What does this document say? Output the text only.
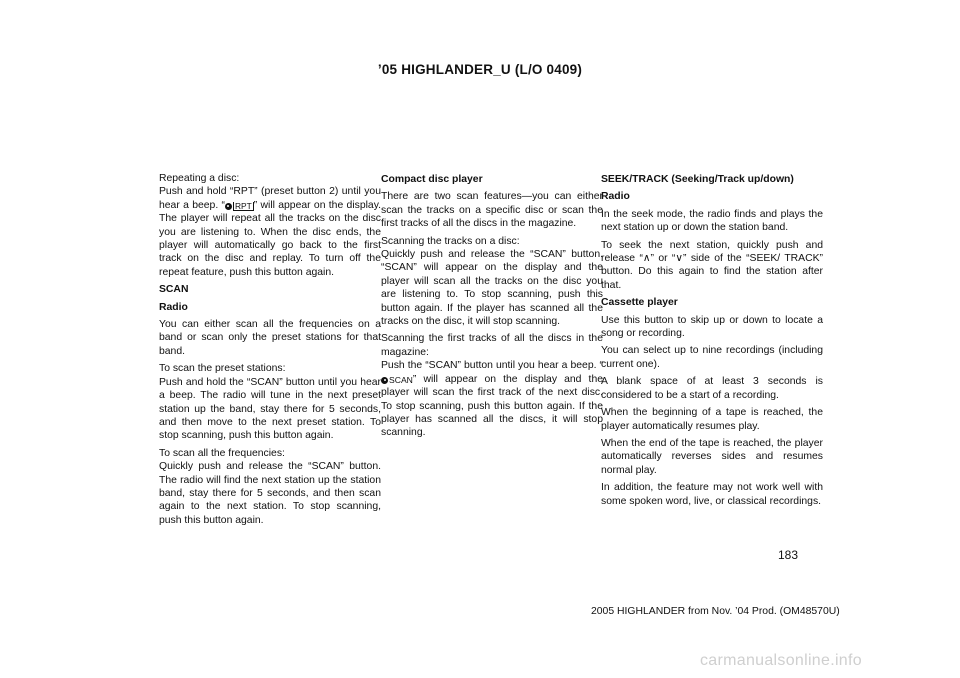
’05 HIGHLANDER_U (L/O 0409)

Repeating a disc:
Push and hold “RPT” (preset button 2) until you hear a beep. “ RPT ” will appear on the display. The player will repeat all the tracks on the disc you are listening to. When the disc ends, the player will automatically go back to the first track on the disc and replay. To turn off the repeat feature, push this button again.

SCAN

Radio

You can either scan all the frequencies on a band or scan only the preset stations for that band.

To scan the preset stations:
Push and hold the “SCAN” button until you hear a beep. The radio will tune in the next preset station up the band, stay there for 5 seconds, and then move to the next preset station. To stop scanning, push this button again.

To scan all the frequencies:
Quickly push and release the “SCAN” button. The radio will find the next station up the station band, stay there for 5 seconds, and then scan again to the next station. To stop scanning, push this button again.

Compact disc player

There are two scan features—you can either scan the tracks on a specific disc or scan the first tracks of all the discs in the magazine.

Scanning the tracks on a disc:
Quickly push and release the “SCAN” button. “SCAN” will appear on the display and the player will scan all the tracks on the disc you are listening to. To stop scanning, push this button again. If the player has scanned all the tracks on the disc, it will stop scanning.

Scanning the first tracks of all the discs in the magazine:
Push the “SCAN” button until you hear a beep. “SCAN” will appear on the display and the player will scan the first track of the next disc. To stop scanning, push this button again. If the player has scanned all the discs, it will stop scanning.

SEEK/TRACK (Seeking/Track up/down)

Radio

In the seek mode, the radio finds and plays the next station up or down the station band.

To seek the next station, quickly push and release “∧” or “∨” side of the “SEEK/ TRACK” button. Do this again to find the station after that.

Cassette player

Use this button to skip up or down to locate a song or recording.

You can select up to nine recordings (including current one).

A blank space of at least 3 seconds is considered to be a start of a recording.

When the beginning of a tape is reached, the player automatically resumes play.

When the end of the tape is reached, the player automatically reverses sides and resumes normal play.

In addition, the feature may not work well with some spoken word, live, or classical recordings.

183
2005 HIGHLANDER from Nov. ’04 Prod. (OM48570U)
carmanualsonline.info
